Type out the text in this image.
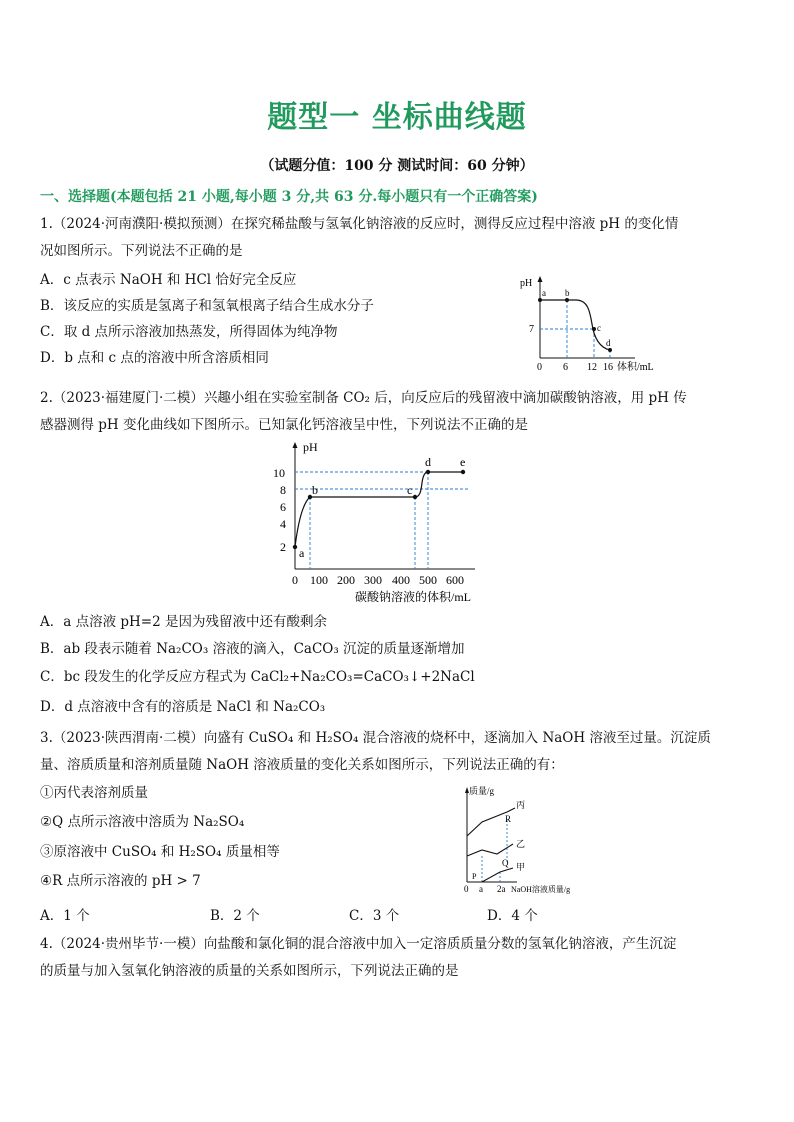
题型一 坐标曲线题
（试题分值：100 分 测试时间：60 分钟）
一、选择题(本题包括 21 小题,每小题 3 分,共 63 分.每小题只有一个正确答案)
1.（2024·河南濮阳·模拟预测）在探究稀盐酸与氢氧化钠溶液的反应时，测得反应过程中溶液 pH 的变化情
况如图所示。下列说法不正确的是
A．c 点表示 NaOH 和 HCl 恰好完全反应
B．该反应的实质是氢离子和氢氧根离子结合生成水分子
C．取 d 点所示溶液加热蒸发，所得固体为纯净物
D．b 点和 c 点的溶液中所含溶质相同
pH
7
0 6 12 16 体积/mL
a b
c
d
2.（2023·福建厦门·二模）兴趣小组在实验室制备 CO₂ 后，向反应后的残留液中滴加碳酸钠溶液，用 pH 传
感器测得 pH 变化曲线如下图所示。已知氯化钙溶液呈中性，下列说法不正确的是
pH
2
4
6
8
10
0 100 200 300 400 500 600
碳酸钠溶液的体积/mL
a
b	c
d e
A．a 点溶液 pH=2 是因为残留液中还有酸剩余
B．ab 段表示随着 Na₂CO₃ 溶液的滴入，CaCO₃ 沉淀的质量逐渐增加
C．bc 段发生的化学反应方程式为 CaCl₂+Na₂CO₃=CaCO₃↓+2NaCl
D．d 点溶液中含有的溶质是 NaCl 和 Na₂CO₃
3.（2023·陕西渭南·二模）向盛有 CuSO₄ 和 H₂SO₄ 混合溶液的烧杯中，逐滴加入 NaOH 溶液至过量。沉淀质
量、溶质质量和溶剂质量随 NaOH 溶液质量的变化关系如图所示，下列说法正确的有：
①丙代表溶剂质量
②Q 点所示溶液中溶质为 Na₂SO₄
③原溶液中 CuSO₄ 和 H₂SO₄ 质量相等
④R 点所示溶液的 pH > 7
质量/g
0 a 2a NaOH溶液质量/g
丙
乙
甲
P
Q
R
A．1 个	B．2 个	C．3 个	D．4 个
4.（2024·贵州毕节·一模）向盐酸和氯化铜的混合溶液中加入一定溶质质量分数的氢氧化钠溶液，产生沉淀
的质量与加入氢氧化钠溶液的质量的关系如图所示，下列说法正确的是
